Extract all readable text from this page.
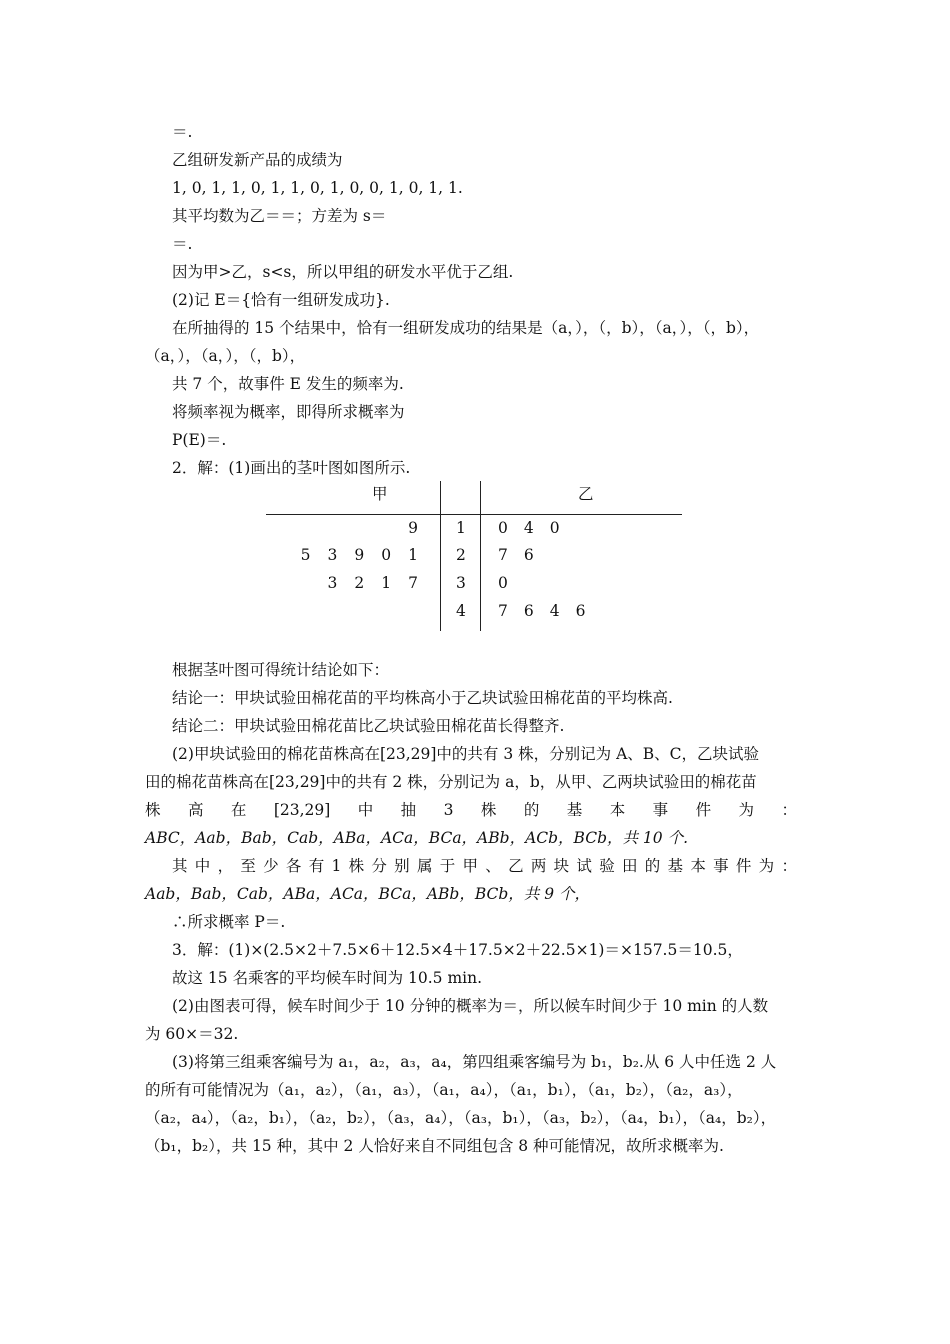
＝.
乙组研发新产品的成绩为
1, 0, 1, 1, 0, 1, 1, 0, 1, 0, 0, 1, 0, 1, 1.
其平均数为乙＝＝；方差为 s＝
＝.
因为甲>乙，s<s，所以甲组的研发水平优于乙组.
(2)记 E＝{恰有一组研发成功}.
在所抽得的 15 个结果中，恰有一组研发成功的结果是（a，），（，b），（a，），（，b），
（a，），（a，），（，b），
共 7 个，故事件 E 发生的频率为.
将频率视为概率，即得所求概率为
P(E)＝.
2．解：(1)画出的茎叶图如图所示.
甲	乙
9 1 0 4 0
5 3 9 0 1 2 7 6
3 2 1 7 3 0
4 7 6 4 6
根据茎叶图可得统计结论如下：
结论一：甲块试验田棉花苗的平均株高小于乙块试验田棉花苗的平均株高.
结论二：甲块试验田棉花苗比乙块试验田棉花苗长得整齐.
(2)甲块试验田的棉花苗株高在[23,29]中的共有 3 株，分别记为 A、B、C，乙块试验
田的棉花苗株高在[23,29]中的共有 2 株，分别记为 a，b，从甲、乙两块试验田的棉花苗
株 高 在 [23,29] 中 抽 3 株 的 基 本 事 件 为 ：
ABC，Aab，Bab，Cab，ABa，ACa，BCa，ABb，ACb，BCb，共 10 个.
其 中 ， 至 少 各 有 1 株 分 别 属 于 甲 、 乙 两 块 试 验 田 的 基 本 事 件 为 ：
Aab，Bab，Cab，ABa，ACa，BCa，ABb，BCb，共 9 个，
∴所求概率 P＝.
3．解：(1)×(2.5×2＋7.5×6＋12.5×4＋17.5×2＋22.5×1)＝×157.5＝10.5，
故这 15 名乘客的平均候车时间为 10.5 min.
(2)由图表可得，候车时间少于 10 分钟的概率为＝，所以候车时间少于 10 min 的人数
为 60×＝32.
(3)将第三组乘客编号为 a₁，a₂，a₃，a₄，第四组乘客编号为 b₁，b₂.从 6 人中任选 2 人
的所有可能情况为（a₁，a₂），（a₁，a₃），（a₁，a₄），（a₁，b₁），（a₁，b₂），（a₂，a₃），
（a₂，a₄），（a₂，b₁），（a₂，b₂），（a₃，a₄），（a₃，b₁），（a₃，b₂），（a₄，b₁），（a₄，b₂），
（b₁，b₂），共 15 种，其中 2 人恰好来自不同组包含 8 种可能情况，故所求概率为.
